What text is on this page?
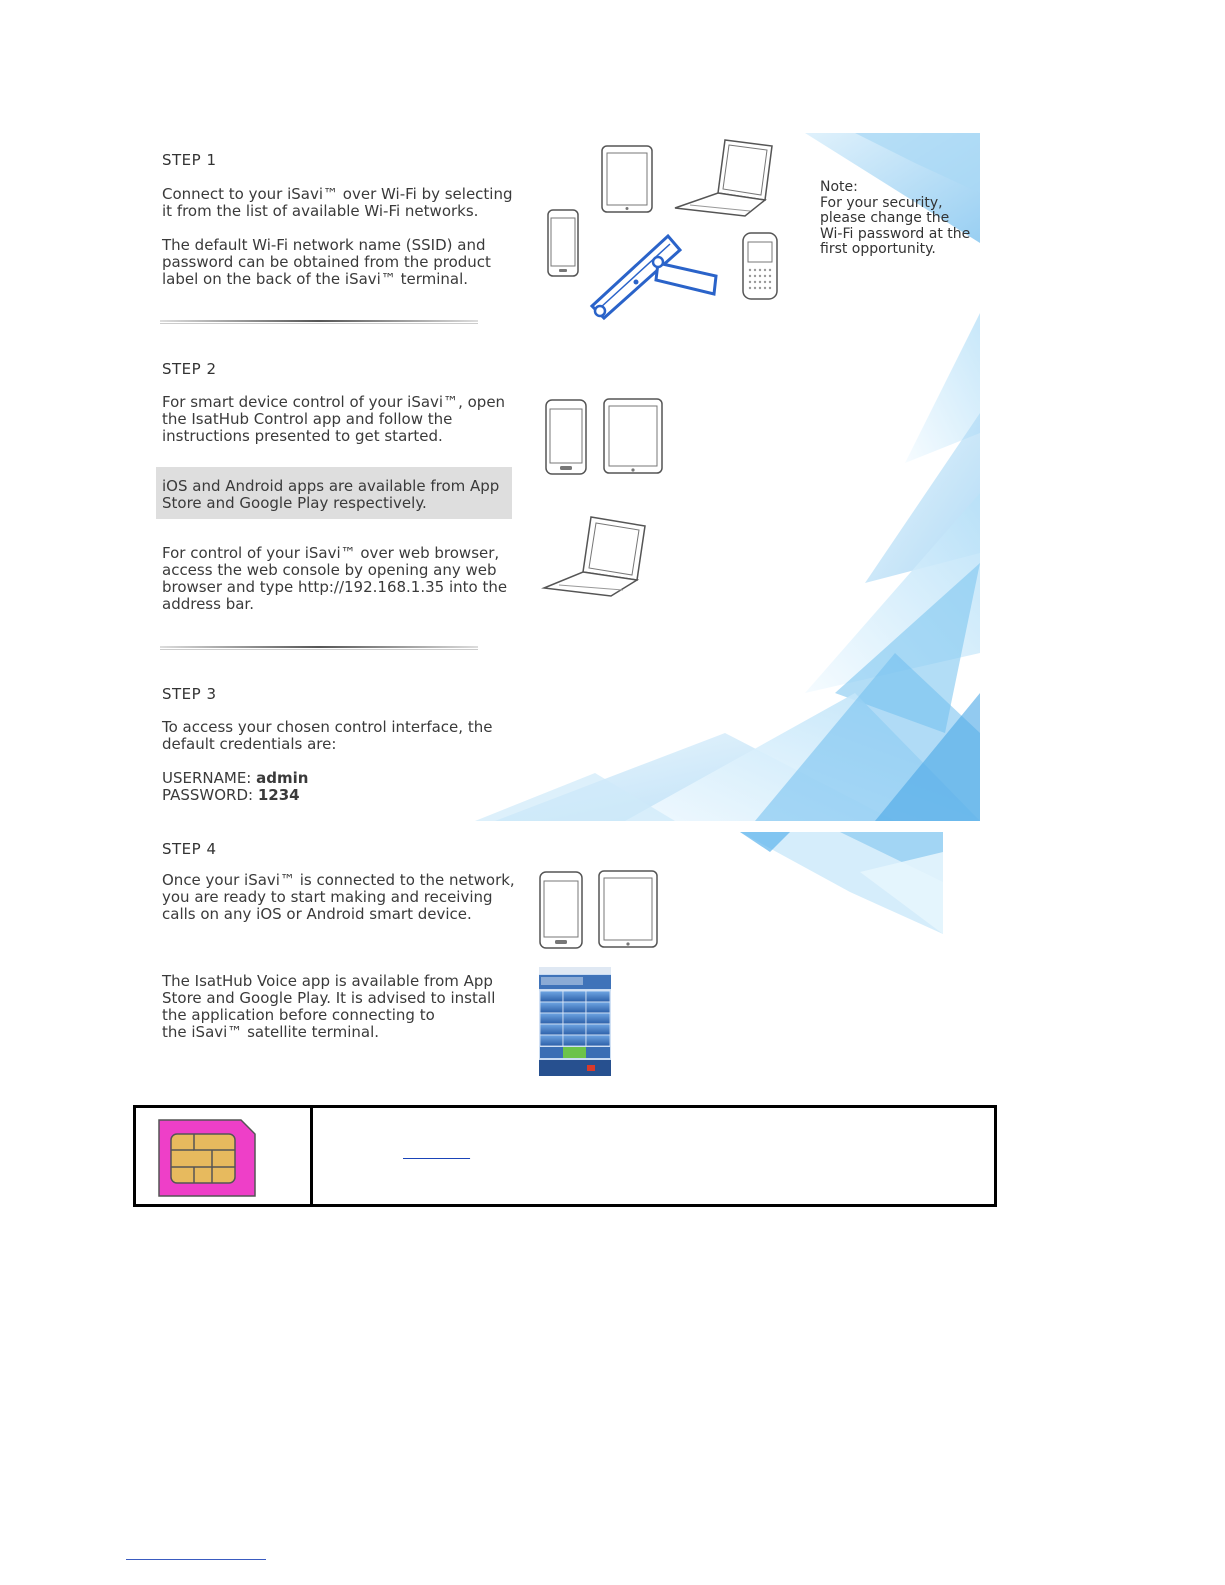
STEP 1
Connect to your iSavi™ over Wi-Fi by selecting
it from the list of available Wi-Fi networks.
The default Wi-Fi network name (SSID) and
password can be obtained from the product
label on the back of the iSavi™ terminal.
Note:
For your security,
please change the
Wi-Fi password at the
first opportunity.
STEP 2
For smart device control of your iSavi™, open
the IsatHub Control app and follow the
instructions presented to get started.
iOS and Android apps are available from App
Store and Google Play respectively.
For control of your iSavi™ over web browser,
access the web console by opening any web
browser and type http://192.168.1.35 into the
address bar.
STEP 3
To access your chosen control interface, the
default credentials are:
USERNAME: admin
PASSWORD: 1234
STEP 4
Once your iSavi™ is connected to the network,
you are ready to start making and receiving
calls on any iOS or Android smart device.
The IsatHub Voice app is available from App
Store and Google Play. It is advised to install
the application before connecting to
the iSavi™ satellite terminal.
